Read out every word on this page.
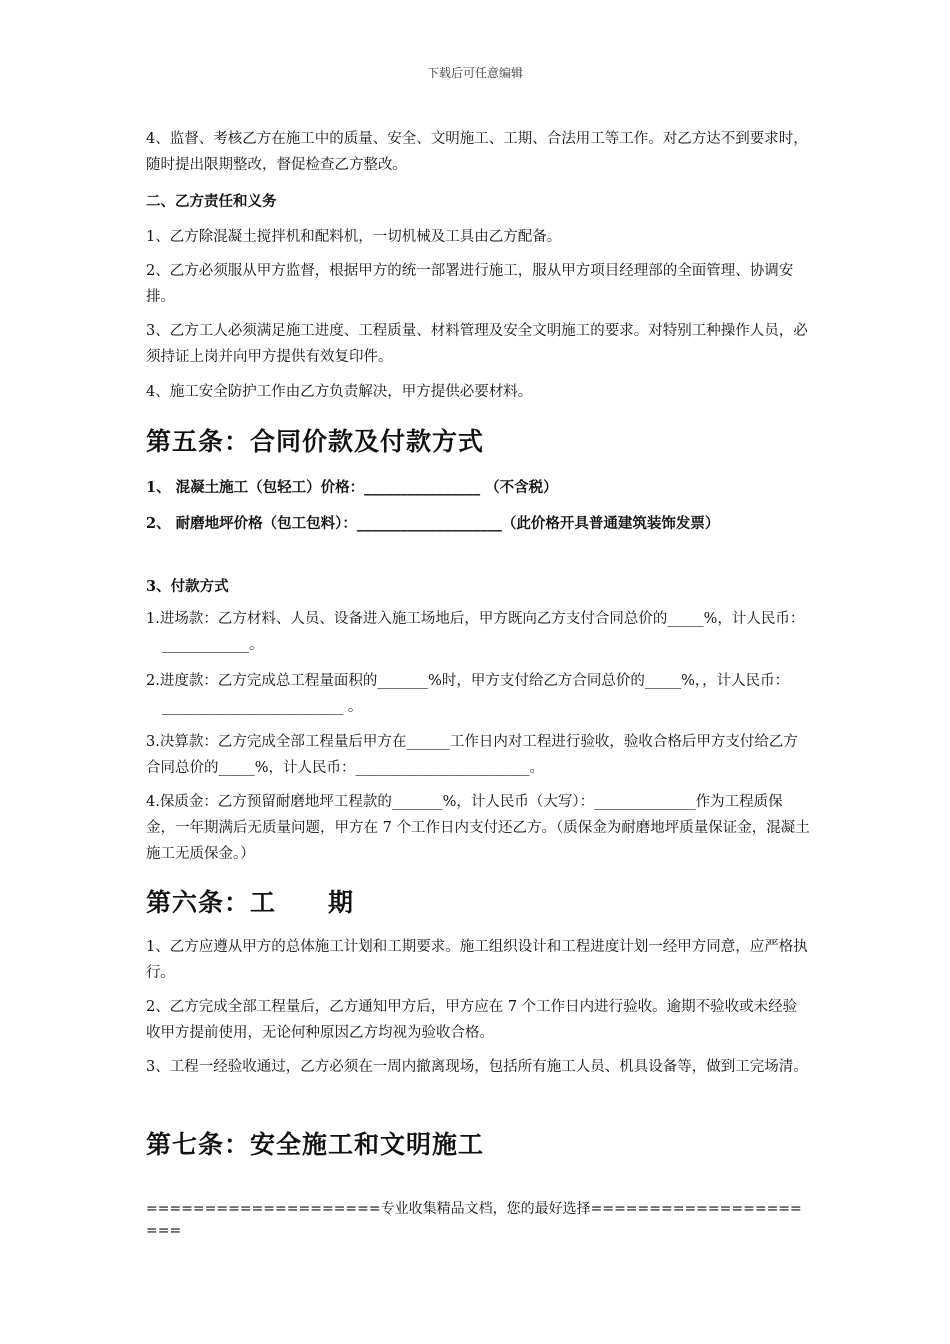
下载后可任意编辑
4、监督、考核乙方在施工中的质量、安全、文明施工、工期、合法用工等工作。对乙方达不到要求时，随时提出限期整改，督促检查乙方整改。
二、乙方责任和义务
1、乙方除混凝土搅拌机和配料机，一切机械及工具由乙方配备。
2、乙方必须服从甲方监督，根据甲方的统一部署进行施工，服从甲方项目经理部的全面管理、协调安排。
3、乙方工人必须满足施工进度、工程质量、材料管理及安全文明施工的要求。对特别工种操作人员，必须持证上岗并向甲方提供有效复印件。
4、施工安全防护工作由乙方负责解决，甲方提供必要材料。
第五条：合同价款及付款方式
1、 混凝土施工（包轻工）价格：________________ （不含税）
2、 耐磨地坪价格（包工包料）：____________________（此价格开具普通建筑装饰发票）
3、付款方式
1.进场款：乙方材料、人员、设备进入施工场地后，甲方既向乙方支付合同总价的_____%，计人民币：____________。
2.进度款：乙方完成总工程量面积的_______%时，甲方支付给乙方合同总价的_____%，，计人民币：_________________________ 。
3.决算款：乙方完成全部工程量后甲方在______工作日内对工程进行验收，验收合格后甲方支付给乙方合同总价的_____%，计人民币：________________________。
4.保质金：乙方预留耐磨地坪工程款的_______%，计人民币（大写）：______________作为工程质保金，一年期满后无质量问题，甲方在 7 个工作日内支付还乙方。（质保金为耐磨地坪质量保证金，混凝土施工无质保金。）
第六条：工　　期
1、乙方应遵从甲方的总体施工计划和工期要求。施工组织设计和工程进度计划一经甲方同意，应严格执行。
2、乙方完成全部工程量后，乙方通知甲方后，甲方应在 7 个工作日内进行验收。逾期不验收或未经验收甲方提前使用，无论何种原因乙方均视为验收合格。
3、工程一经验收通过，乙方必须在一周内撤离现场，包括所有施工人员、机具设备等，做到工完场清。
第七条：安全施工和文明施工
====================专业收集精品文档，您的最好选择=====================
